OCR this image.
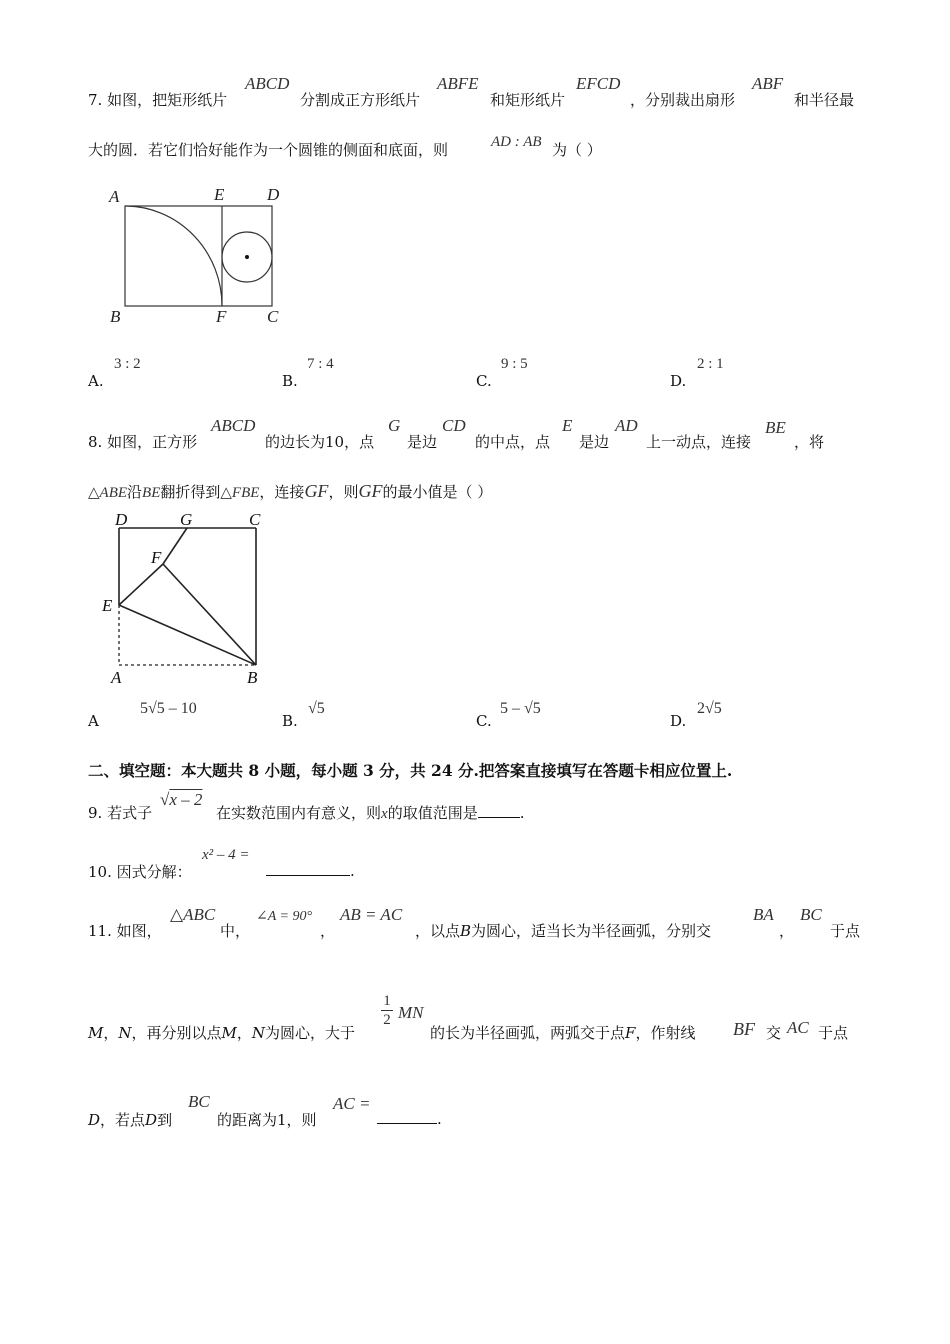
7. 如图，把矩形纸片
ABCD
分割成正方形纸片
ABFE
和矩形纸片
EFCD
，分别裁出扇形
ABF
和半径最
大的圆．若它们恰好能作为一个圆锥的侧面和底面，则	AD : AB 为（ ）
A	E	D
B	F C
A.
3 : 2
B.
7 : 4
C.
9 : 5
D.
2 : 1
8. 如图，正方形
ABCD
的边长为10，点
G
是边
CD
的中点，点
E
是边
AD
上一动点，连接
BE
，将
△ABE沿BE翻折得到△FBE，连接GF，则GF的最小值是（ ）
D	G	C
F
E
A	B
A
5√5 – 10
B.
√5
C.
5 – √5
D.
2√5
二、填空题：本大题共 8 小题，每小题 3 分，共 24 分.把答案直接填写在答题卡相应位置上.
9. 若式子
√x – 2
在实数范围内有意义，则x的取值范围是	.
10. 因式分解：
x² – 4 =
.
11. 如图，
△ABC
中，
∠A = 90°
，
AB = AC
，以点B为圆心，适当长为半径画弧，分别交
BA
，
BC
于点
M，N，再分别以点M，N为圆心，大于
$\frac{1}{2}$ MN
的长为半径画弧，两弧交于点F，作射线 BF 交 AC 于点
D，若点D到
BC
的距离为1，则
AC =
.
